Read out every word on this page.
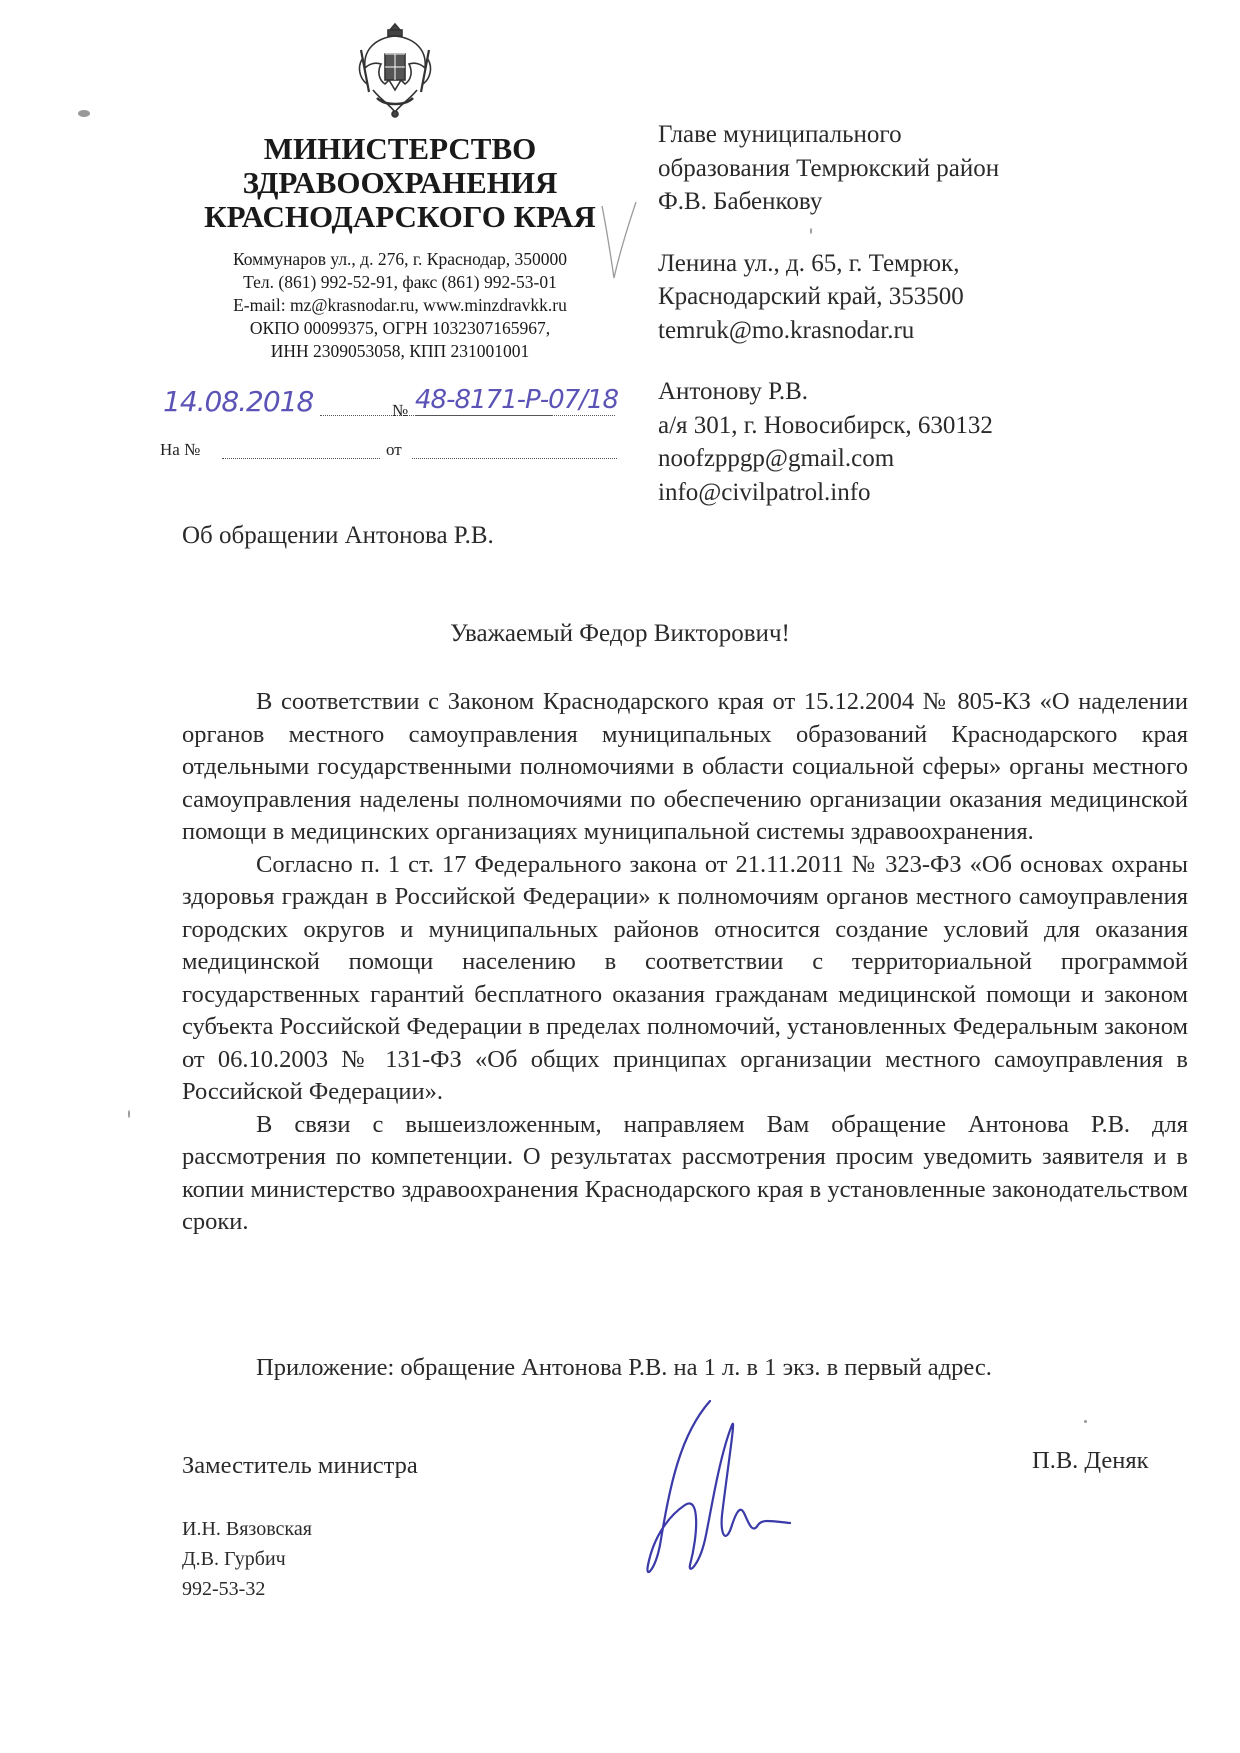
МИНИСТЕРСТВО
ЗДРАВООХРАНЕНИЯ
КРАСНОДАРСКОГО КРАЯ
Коммунаров ул., д. 276, г. Краснодар, 350000
Тел. (861) 992-52-91, факс (861) 992-53-01
E-mail: mz@krasnodar.ru, www.minzdravkk.ru
ОКПО 00099375, ОГРН 1032307165967,
ИНН 2309053058, КПП 231001001
14.08.2018	№ 48-8171-Р-07/18
На №	от
Главе муниципального
образования Темрюкский район
Ф.В. Бабенкову
Ленина ул., д. 65, г. Темрюк,
Краснодарский край, 353500
temruk@mo.krasnodar.ru
Антонову Р.В.
а/я 301, г. Новосибирск, 630132
noofzppgp@gmail.com
info@civilpatrol.info
Об обращении Антонова Р.В.
Уважаемый Федор Викторович!

В соответствии с Законом Краснодарского края от 15.12.2004 № 805-КЗ «О наделении органов местного самоуправления муниципальных образований Краснодарского края отдельными государственными полномочиями в области социальной сферы» органы местного самоуправления наделены полномочиями по обеспечению организации оказания медицинской помощи в медицинских организациях муниципальной системы здравоохранения.

Согласно п. 1 ст. 17 Федерального закона от 21.11.2011 № 323-ФЗ «Об основах охраны здоровья граждан в Российской Федерации» к полномочиям органов местного самоуправления городских округов и муниципальных районов относится создание условий для оказания медицинской помощи населению в соответствии с территориальной программой государственных гарантий бесплатного оказания гражданам медицинской помощи и законом субъекта Российской Федерации в пределах полномочий, установленных Федеральным законом от 06.10.2003 № 131-ФЗ «Об общих принципах организации местного самоуправления в Российской Федерации».

В связи с вышеизложенным, направляем Вам обращение Антонова Р.В. для рассмотрения по компетенции. О результатах рассмотрения просим уведомить заявителя и в копии министерство здравоохранения Краснодарского края в установленные законодательством сроки.

Приложение: обращение Антонова Р.В. на 1 л. в 1 экз. в первый адрес.
Заместитель министра	П.В. Деняк
И.Н. Вязовская
Д.В. Гурбич
992-53-32
